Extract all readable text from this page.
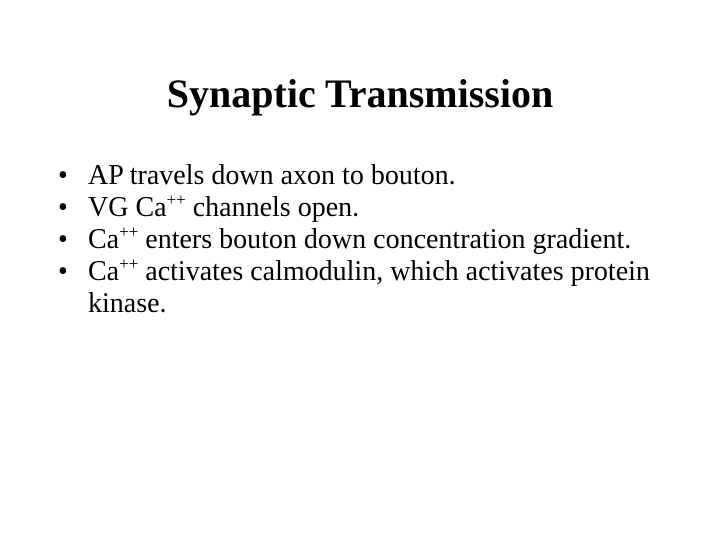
Synaptic Transmission
• AP travels down axon to bouton.
• VG Ca++ channels open.
• Ca++ enters bouton down concentration gradient.
• Ca++ activates calmodulin, which activates protein kinase.
